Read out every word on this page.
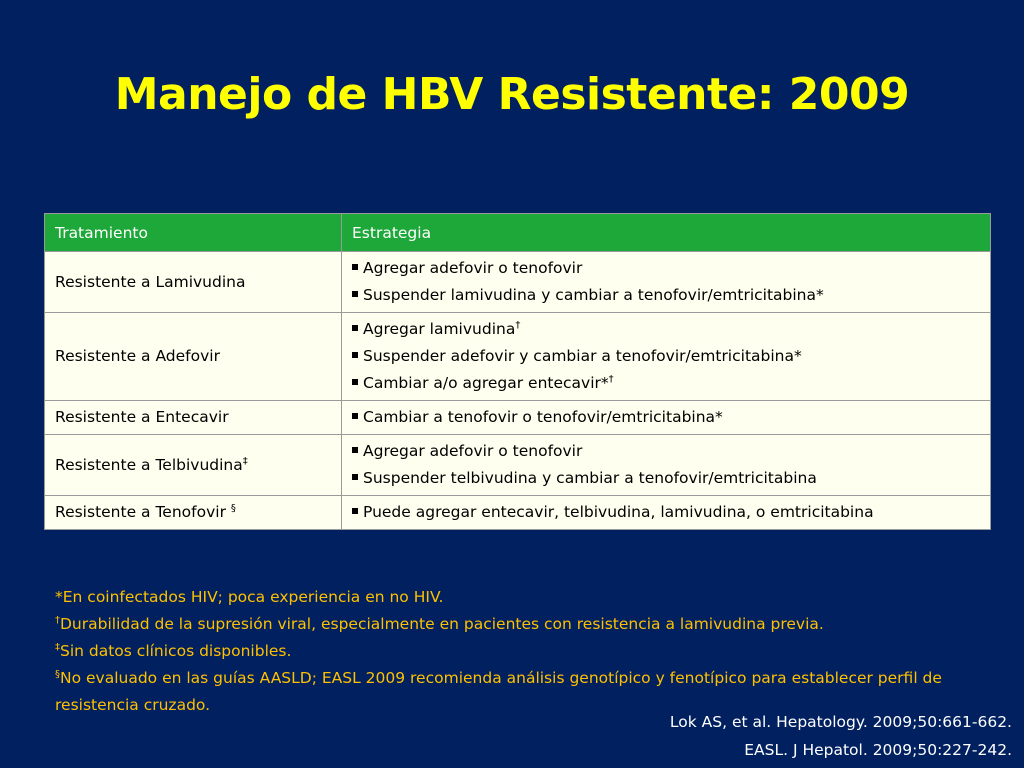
Manejo de HBV Resistente: 2009
Tratamiento	Estrategia
Resistente a Lamivudina	Agregar adefovir o tenofovir
Suspender lamivudina y cambiar a tenofovir/emtricitabina*

Resistente a Adefovir	Agregar lamivudina†
Suspender adefovir y cambiar a tenofovir/emtricitabina*
Cambiar a/o agregar entecavir*†

Resistente a Entecavir	Cambiar a tenofovir o tenofovir/emtricitabina*

Resistente a Telbivudina‡	Agregar adefovir o tenofovir
Suspender telbivudina y cambiar a tenofovir/emtricitabina

Resistente a Tenofovir §	Puede agregar entecavir, telbivudina, lamivudina, o emtricitabina
*En coinfectados HIV; poca experiencia en no HIV.
†Durabilidad de la supresión viral, especialmente en pacientes con resistencia a lamivudina previa.
‡Sin datos clínicos disponibles.
§No evaluado en las guías AASLD; EASL 2009 recomienda análisis genotípico y fenotípico para establecer perfil de resistencia cruzado.
Lok AS, et al. Hepatology. 2009;50:661-662.
EASL. J Hepatol. 2009;50:227-242.
